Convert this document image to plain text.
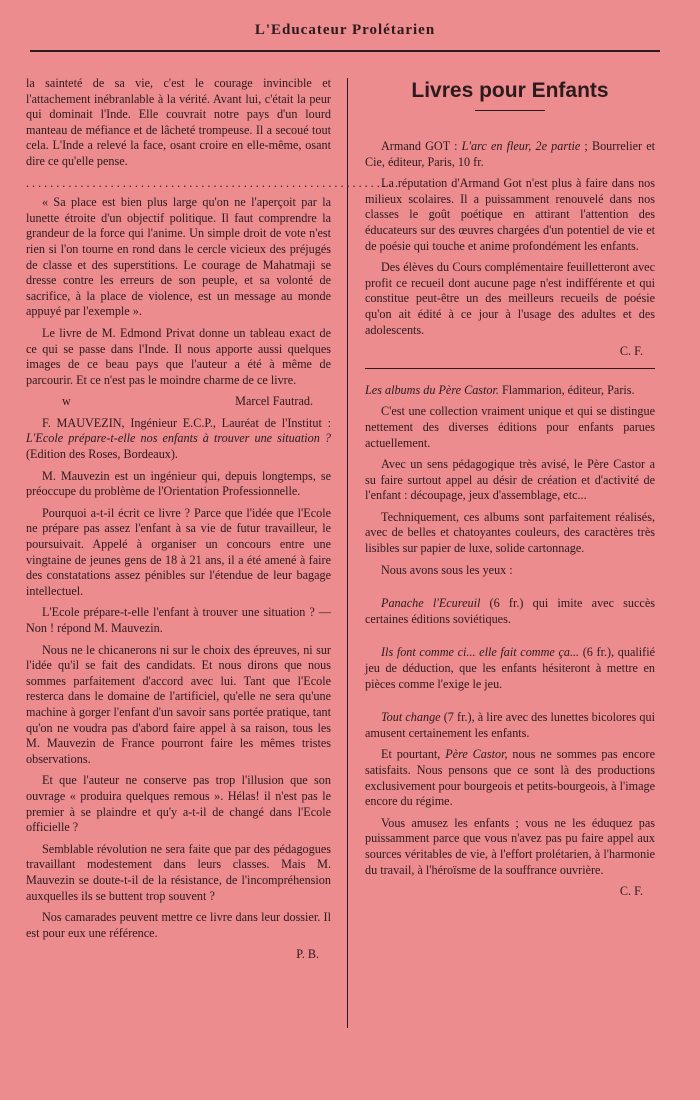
L'Educateur Prolétarien

la sainteté de sa vie, c'est le courage invincible et l'attachement inébranlable à la vérité. Avant lui, c'était la peur qui dominait l'Inde. Elle couvrait notre pays d'un lourd manteau de méfiance et de lâcheté trompeuse. Il a secoué tout cela. L'Inde a relevé la face, osant croire en elle-même, osant dire ce qu'elle pense.

..............................................................

« Sa place est bien plus large qu'on ne l'aperçoit par la lunette étroite d'un objectif politique. Il faut comprendre la grandeur de la force qui l'anime. Un simple droit de vote n'est rien si l'on tourne en rond dans le cercle vicieux des préjugés de classe et des superstitions. Le courage de Mahatmaji se dresse contre les erreurs de son peuple, et sa volonté de sacrifice, à la place de violence, est un message au monde appuyé par l'exemple ».

Le livre de M. Edmond Privat donne un tableau exact de ce qui se passe dans l'Inde. Il nous apporte aussi quelques images de ce beau pays que l'auteur a été à même de parcourir. Et ce n'est pas le moindre charme de ce livre.

w	Marcel Fautrad.

F. MAUVEZIN, Ingénieur E.C.P., Lauréat de l'Institut : L'Ecole prépare-t-elle nos enfants à trouver une situation ? (Edition des Roses, Bordeaux).

M. Mauvezin est un ingénieur qui, depuis longtemps, se préoccupe du problème de l'Orientation Professionnelle.

Pourquoi a-t-il écrit ce livre ? Parce que l'idée que l'Ecole ne prépare pas assez l'enfant à sa vie de futur travailleur, le poursuivait. Appelé à organiser un concours entre une vingtaine de jeunes gens de 18 à 21 ans, il a été amené à faire des constatations assez pénibles sur l'étendue de leur bagage intellectuel.

L'Ecole prépare-t-elle l'enfant à trouver une situation ? — Non ! répond M. Mauvezin.

Nous ne le chicanerons ni sur le choix des épreuves, ni sur l'idée qu'il se fait des candidats. Et nous dirons que nous sommes parfaitement d'accord avec lui. Tant que l'Ecole resterca dans le domaine de l'artificiel, qu'elle ne sera qu'une machine à gorger l'enfant d'un savoir sans portée pratique, tant qu'on ne voudra pas d'abord faire appel à sa raison, tous les M. Mauvezin de France pourront faire les mêmes tristes observations.

Et que l'auteur ne conserve pas trop l'illusion que son ouvrage « produira quelques remous ». Hélas! il n'est pas le premier à se plaindre et qu'y a-t-il de changé dans l'Ecole officielle ?

Semblable révolution ne sera faite que par des pédagogues travaillant modestement dans leurs classes. Mais M. Mauvezin se doute-t-il de la résistance, de l'incompréhension auxquelles ils se buttent trop souvent ?

Nos camarades peuvent mettre ce livre dans leur dossier. Il est pour eux une référence.

P. B.
Livres pour Enfants

Armand GOT : L'arc en fleur, 2e partie ; Bourrelier et Cie, éditeur, Paris, 10 fr.

La réputation d'Armand Got n'est plus à faire dans nos milieux scolaires. Il a puissamment renouvelé dans nos classes le goût poétique en attirant l'attention des éducateurs sur des œuvres chargées d'un potentiel de vie et de poésie qui touche et anime profondément les enfants.

Des élèves du Cours complémentaire feuilletteront avec profit ce recueil dont aucune page n'est indifférente et qui constitue peut-être un des meilleurs recueils de poésie qu'on ait édité à ce jour à l'usage des adultes et des adolescents.

C. F.

Les albums du Père Castor. Flammarion, éditeur, Paris.

C'est une collection vraiment unique et qui se distingue nettement des diverses éditions pour enfants parues actuellement.

Avec un sens pédagogique très avisé, le Père Castor a su faire surtout appel au désir de création et d'activité de l'enfant : découpage, jeux d'assemblage, etc...

Techniquement, ces albums sont parfaitement réalisés, avec de belles et chatoyantes couleurs, des caractères très lisibles sur papier de luxe, solide cartonnage.

Nous avons sous les yeux :

Panache l'Ecureuil (6 fr.) qui imite avec succès certaines éditions soviétiques.

Ils font comme ci... elle fait comme ça... (6 fr.), qualifié jeu de déduction, que les enfants hésiteront à mettre en pièces comme l'exige le jeu.

Tout change (7 fr.), à lire avec des lunettes bicolores qui amusent certainement les enfants.

Et pourtant, Père Castor, nous ne sommes pas encore satisfaits. Nous pensons que ce sont là des productions exclusivement pour bourgeois et petits-bourgeois, à l'image encore du régime.

Vous amusez les enfants ; vous ne les éduquez pas puissamment parce que vous n'avez pas pu faire appel aux sources véritables de vie, à l'effort prolétarien, à l'harmonie du travail, à l'héroïsme de la souffrance ouvrière.

C. F.
